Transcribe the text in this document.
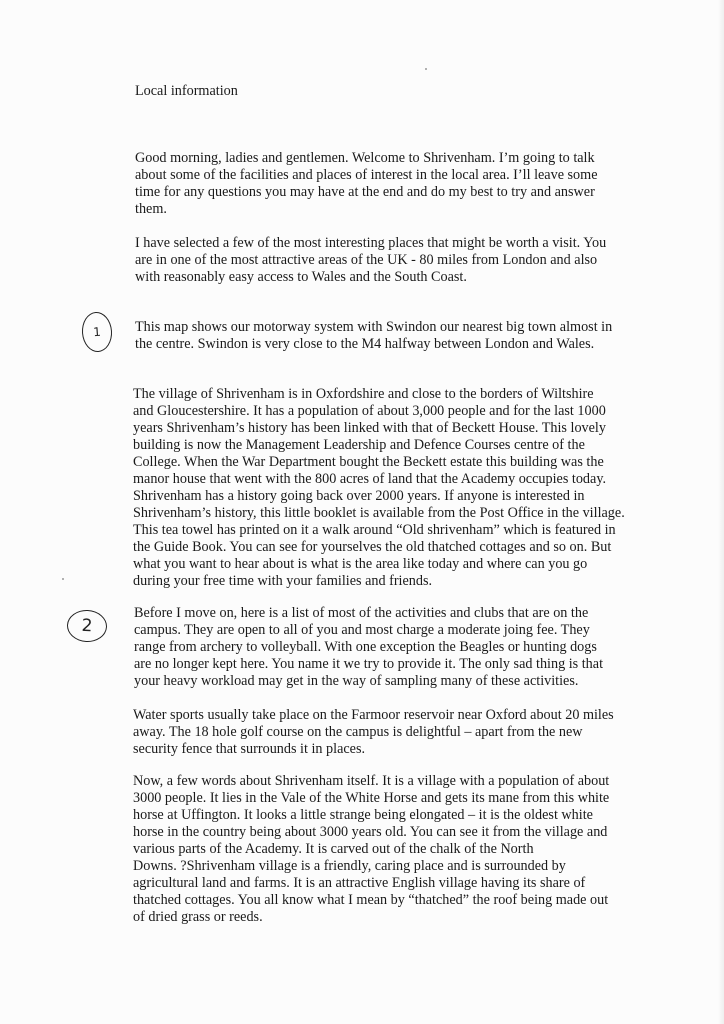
Local information

Good morning, ladies and gentlemen. Welcome to Shrivenham. I’m going to talk
about some of the facilities and places of interest in the local area. I’ll leave some
time for any questions you may have at the end and do my best to try and answer
them.

I have selected a few of the most interesting places that might be worth a visit. You
are in one of the most attractive areas of the UK - 80 miles from London and also
with reasonably easy access to Wales and the South Coast.

1	This map shows our motorway system with Swindon our nearest big town almost in
the centre. Swindon is very close to the M4 halfway between London and Wales.

The village of Shrivenham is in Oxfordshire and close to the borders of Wiltshire
and Gloucestershire. It has a population of about 3,000 people and for the last 1000
years Shrivenham’s history has been linked with that of Beckett House. This lovely
building is now the Management Leadership and Defence Courses centre of the
College. When the War Department bought the Beckett estate this building was the
manor house that went with the 800 acres of land that the Academy occupies today.
Shrivenham has a history going back over 2000 years. If anyone is interested in
Shrivenham’s history, this little booklet is available from the Post Office in the village.
This tea towel has printed on it a walk around “Old shrivenham” which is featured in
the Guide Book. You can see for yourselves the old thatched cottages and so on. But
what you want to hear about is what is the area like today and where can you go
during your free time with your families and friends.

2

Before I move on, here is a list of most of the activities and clubs that are on the
campus. They are open to all of you and most charge a moderate joing fee. They
range from archery to volleyball. With one exception the Beagles or hunting dogs
are no longer kept here. You name it we try to provide it. The only sad thing is that
your heavy workload may get in the way of sampling many of these activities.

Water sports usually take place on the Farmoor reservoir near Oxford about 20 miles
away. The 18 hole golf course on the campus is delightful – apart from the new
security fence that surrounds it in places.

Now, a few words about Shrivenham itself. It is a village with a population of about
3000 people. It lies in the Vale of the White Horse and gets its mane from this white
horse at Uffington. It looks a little strange being elongated – it is the oldest white
horse in the country being about 3000 years old. You can see it from the village and
various parts of the Academy. It is carved out of the chalk of the North
Downs. ?Shrivenham village is a friendly, caring place and is surrounded by
agricultural land and farms. It is an attractive English village having its share of
thatched cottages. You all know what I mean by “thatched” the roof being made out
of dried grass or reeds.
